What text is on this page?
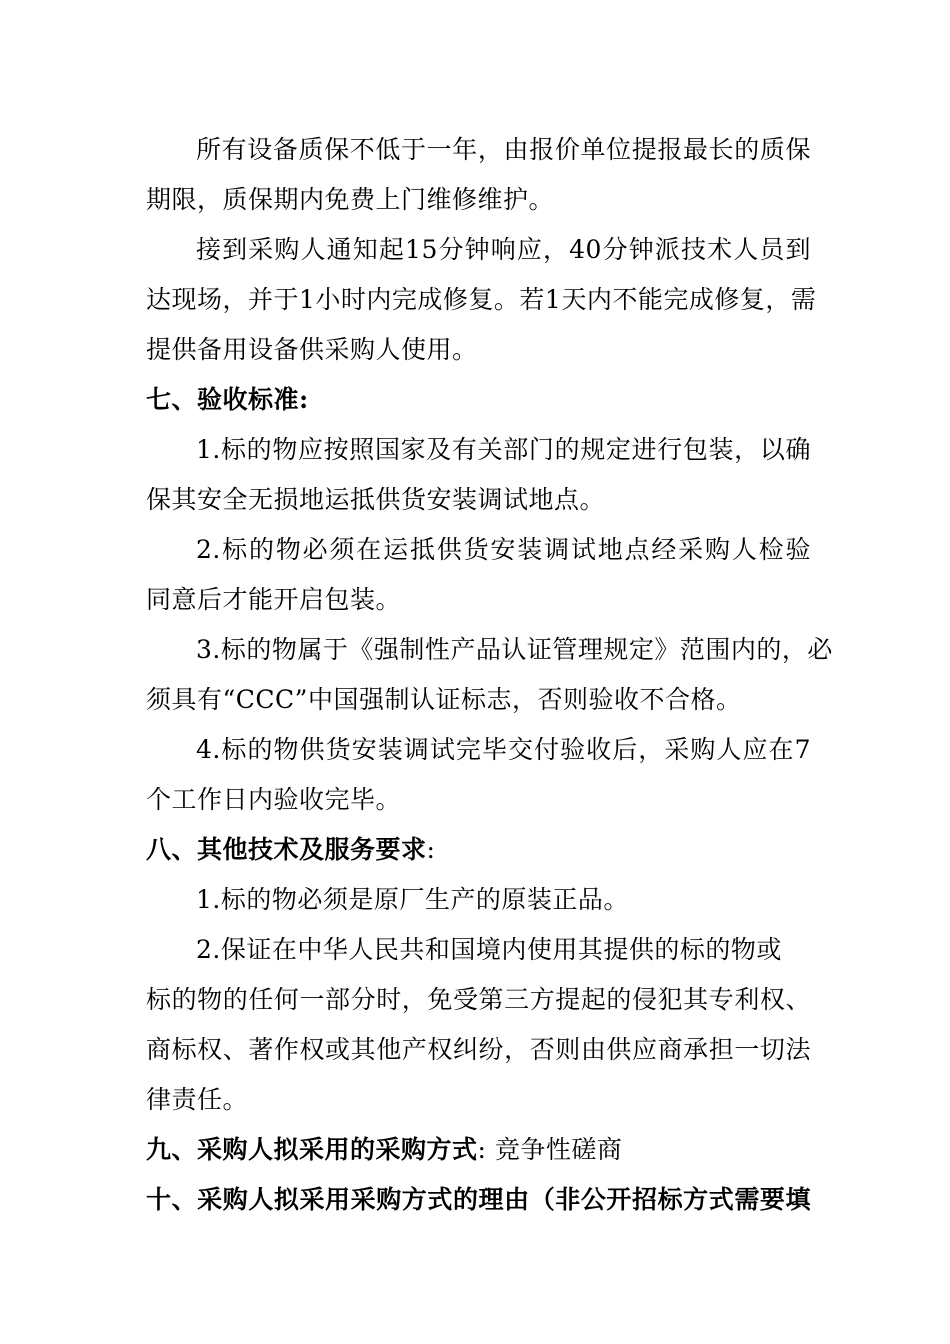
所有设备质保不低于一年，由报价单位提报最长的质保
期限，质保期内免费上门维修维护。
接到采购人通知起15分钟响应，40分钟派技术人员到
达现场，并于1小时内完成修复。若1天内不能完成修复，需
提供备用设备供采购人使用。
七、验收标准:
1.标的物应按照国家及有关部门的规定进行包装，以确
保其安全无损地运抵供货安装调试地点。
2.标的物必须在运抵供货安装调试地点经采购人检验
同意后才能开启包装。
3.标的物属于《强制性产品认证管理规定》范围内的，必
须具有“CCC”中国强制认证标志，否则验收不合格。
4.标的物供货安装调试完毕交付验收后，采购人应在7
个工作日内验收完毕。
八、其他技术及服务要求:
1.标的物必须是原厂生产的原装正品。
2.保证在中华人民共和国境内使用其提供的标的物或
标的物的任何一部分时，免受第三方提起的侵犯其专利权、
商标权、著作权或其他产权纠纷，否则由供应商承担一切法
律责任。
九、采购人拟采用的采购方式: 竞争性磋商
十、采购人拟采用采购方式的理由（非公开招标方式需要填
